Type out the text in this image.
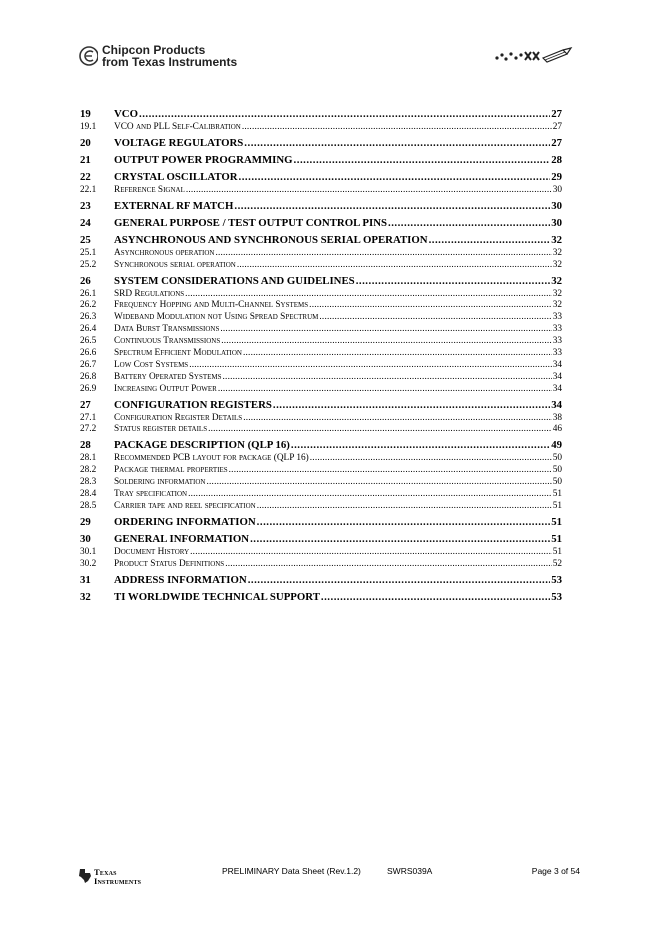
Chipcon Products
from Texas Instruments
19	VCO .....	27
19.1	VCO and PLL Self-Calibration .....	27
20	VOLTAGE REGULATORS .....	27
21	OUTPUT POWER PROGRAMMING .....	28
22	CRYSTAL OSCILLATOR .....	29
22.1	Reference Signal .....	30
23	EXTERNAL RF MATCH .....	30
24	GENERAL PURPOSE / TEST OUTPUT CONTROL PINS .....	30
25	ASYNCHRONOUS AND SYNCHRONOUS SERIAL OPERATION .....	32
25.1	Asynchronous operation .....	32
25.2	Synchronous serial operation .....	32
26	SYSTEM CONSIDERATIONS AND GUIDELINES .....	32
26.1	SRD Regulations .....	32
26.2	Frequency Hopping and Multi-Channel Systems .....	32
26.3	Wideband Modulation not Using Spread Spectrum .....	33
26.4	Data Burst Transmissions .....	33
26.5	Continuous Transmissions .....	33
26.6	Spectrum Efficient Modulation .....	33
26.7	Low Cost Systems .....	34
26.8	Battery Operated Systems .....	34
26.9	Increasing Output Power .....	34
27	CONFIGURATION REGISTERS .....	34
27.1	Configuration Register Details .....	38
27.2	Status register details .....	46
28	PACKAGE DESCRIPTION (QLP 16) .....	49
28.1	Recommended PCB layout for package (QLP 16) .....	50
28.2	Package thermal properties .....	50
28.3	Soldering information .....	50
28.4	Tray specification .....	51
28.5	Carrier tape and reel specification .....	51
29	ORDERING INFORMATION .....	51
30	GENERAL INFORMATION .....	51
30.1	Document History .....	51
30.2	Product Status Definitions .....	52
31	ADDRESS INFORMATION .....	53
32	TI WORLDWIDE TECHNICAL SUPPORT .....	53
Texas
Instruments
PRELIMINARY Data Sheet (Rev.1.2)	SWRS039A	Page 3 of 54
